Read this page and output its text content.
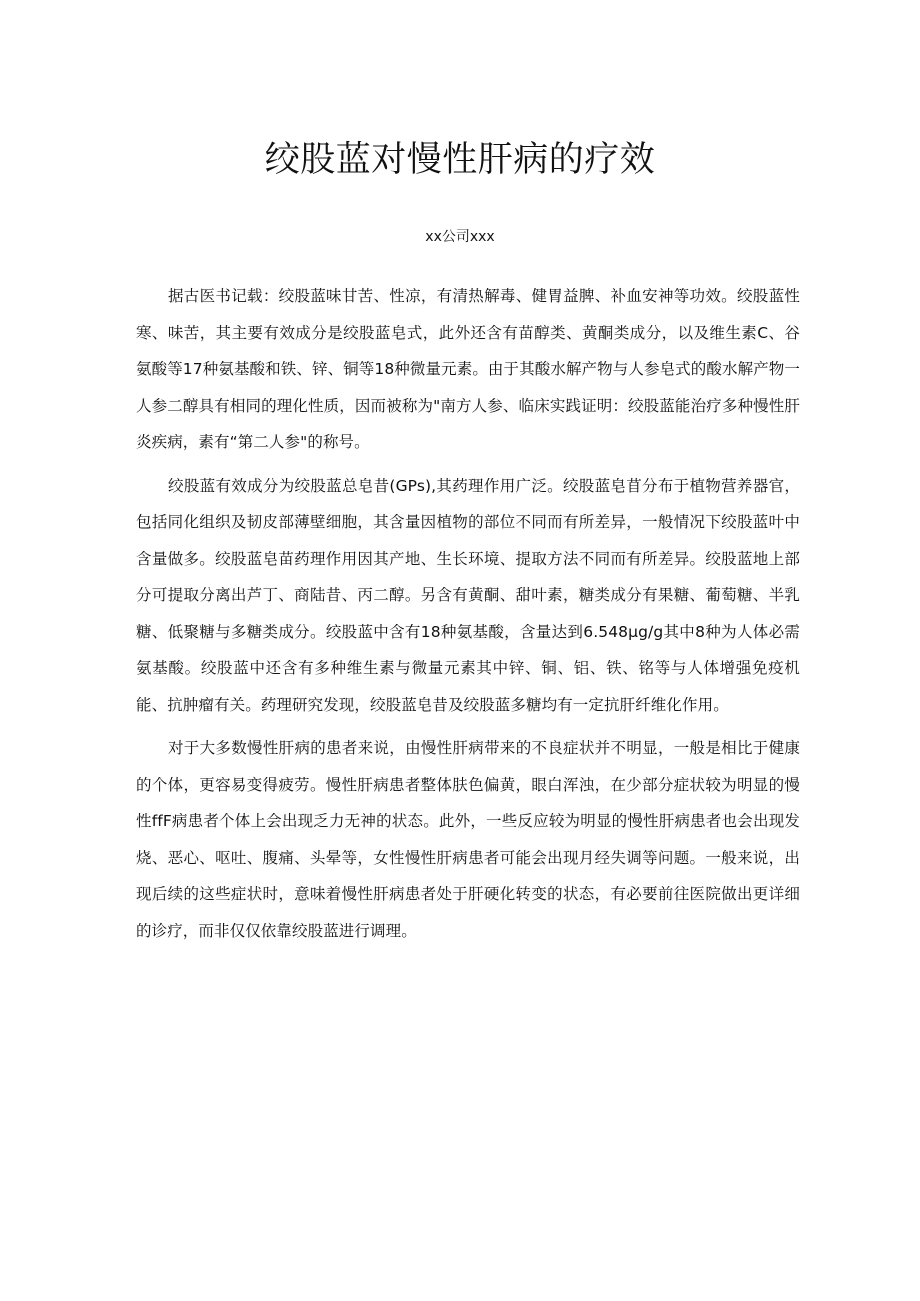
绞股蓝对慢性肝病的疗效

xx公司xxx

据古医书记载：绞股蓝味甘苦、性凉，有清热解毒、健胃益脾、补血安神等功效。绞股蓝性寒、味苦，其主要有效成分是绞股蓝皂式，此外还含有苗醇类、黄酮类成分，以及维生素C、谷氨酸等17种氨基酸和铁、锌、铜等18种微量元素。由于其酸水解产物与人参皂式的酸水解产物一人参二醇具有相同的理化性质，因而被称为"南方人参、临床实践证明：绞股蓝能治疗多种慢性肝炎疾病，素有“第二人参"的称号。

绞股蓝有效成分为绞股蓝总皂昔(GPs),其药理作用广泛。绞股蓝皂苜分布于植物营养器官，包括同化组织及韧皮部薄壁细胞，其含量因植物的部位不同而有所差异，一般情况下绞股蓝叶中含量做多。绞股蓝皂苗药理作用因其产地、生长环境、提取方法不同而有所差异。绞股蓝地上部分可提取分离出芦丁、商陆昔、丙二醇。另含有黄酮、甜叶素，糖类成分有果糖、葡萄糖、半乳糖、低聚糖与多糖类成分。绞股蓝中含有18种氨基酸，含量达到6.548μg∕g其中8种为人体必需氨基酸。绞股蓝中还含有多种维生素与微量元素其中锌、铜、铝、铁、铭等与人体增强免疫机能、抗肿瘤有关。药理研究发现，绞股蓝皂昔及绞股蓝多糖均有一定抗肝纤维化作用。

对于大多数慢性肝病的患者来说，由慢性肝病带来的不良症状并不明显，一般是相比于健康的个体，更容易变得疲劳。慢性肝病患者整体肤色偏黄，眼白浑浊，在少部分症状较为明显的慢性ffF病患者个体上会出现乏力无神的状态。此外，一些反应较为明显的慢性肝病患者也会出现发烧、恶心、呕吐、腹痛、头晕等，女性慢性肝病患者可能会出现月经失调等问题。一般来说，出现后续的这些症状时，意味着慢性肝病患者处于肝硬化转变的状态，有必要前往医院做出更详细的诊疗，而非仅仅依靠绞股蓝进行调理。
